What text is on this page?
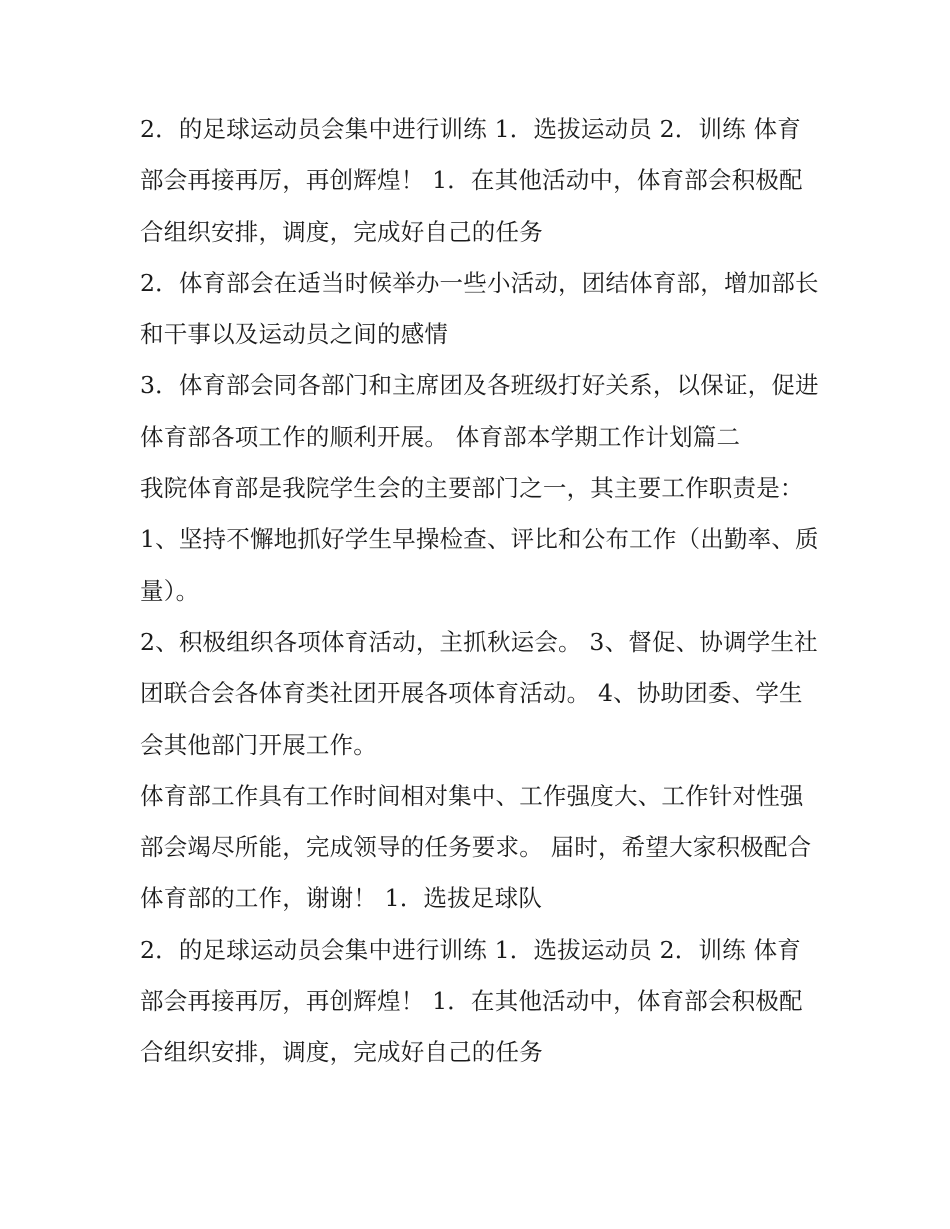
2．的足球运动员会集中进行训练 1．选拔运动员 2．训练 体育部会再接再厉，再创辉煌！ 1．在其他活动中，体育部会积极配合组织安排，调度，完成好自己的任务

2．体育部会在适当时候举办一些小活动，团结体育部，增加部长和干事以及运动员之间的感情

3．体育部会同各部门和主席团及各班级打好关系，以保证，促进体育部各项工作的顺利开展。 体育部本学期工作计划篇二

我院体育部是我院学生会的主要部门之一，其主要工作职责是： 1、坚持不懈地抓好学生早操检查、评比和公布工作（出勤率、质量）。

2、积极组织各项体育活动，主抓秋运会。 3、督促、协调学生社团联合会各体育类社团开展各项体育活动。 4、协助团委、学生会其他部门开展工作。

体育部工作具有工作时间相对集中、工作强度大、工作针对性强部会竭尽所能，完成领导的任务要求。 届时，希望大家积极配合体育部的工作，谢谢！ 1．选拔足球队

2．的足球运动员会集中进行训练 1．选拔运动员 2．训练 体育部会再接再厉，再创辉煌！ 1．在其他活动中，体育部会积极配合组织安排，调度，完成好自己的任务
